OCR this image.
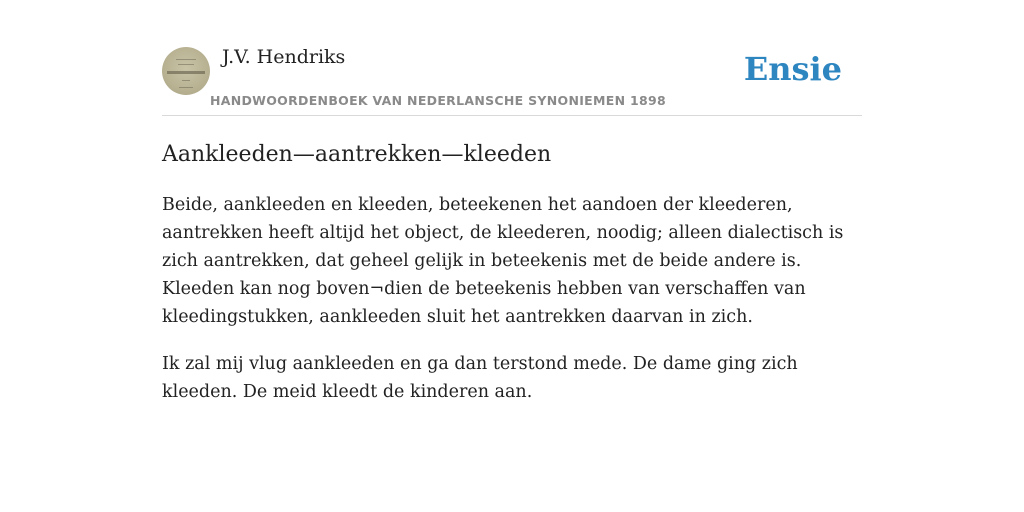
J.V. Hendriks
HANDWOORDENBOEK VAN NEDERLANSCHE SYNONIEMEN 1898
Ensie
Aankleeden—aantrekken—kleeden

Beide, aankleeden en kleeden, beteekenen het aandoen der kleederen, aantrekken heeft altijd het object, de kleederen, noodig; alleen dialectisch is zich aantrekken, dat geheel gelijk in beteekenis met de beide andere is. Kleeden kan nog boven¬dien de beteekenis hebben van verschaffen van kleedingstukken, aankleeden sluit het aantrekken daarvan in zich.

Ik zal mij vlug aankleeden en ga dan terstond mede. De dame ging zich kleeden. De meid kleedt de kinderen aan.
